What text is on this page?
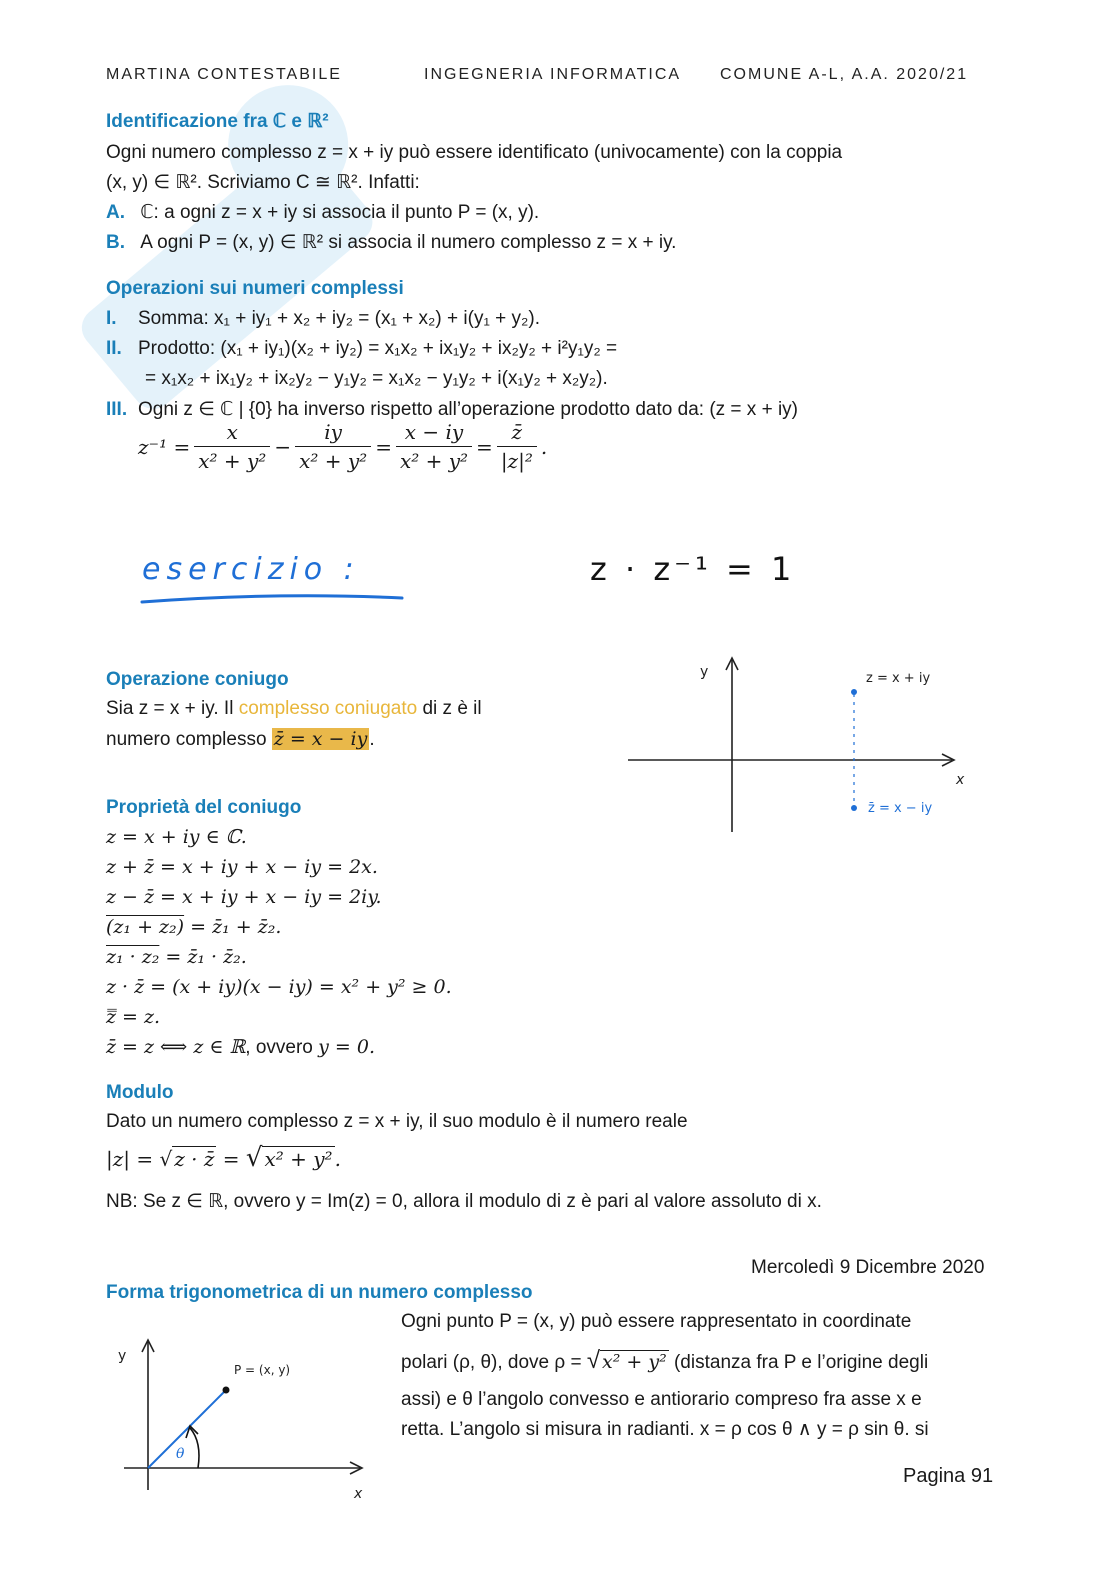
MARTINA CONTESTABILE	INGEGNERIA INFORMATICA COMUNE A-L, A.A. 2020/21
Identificazione fra ℂ e ℝ²
Ogni numero complesso z = x + iy può essere identificato (univocamente) con la coppia
(x, y) ∈ ℝ². Scriviamo C ≅ ℝ². Infatti:
A. ℂ: a ogni z = x + iy si associa il punto P = (x, y).
B. A ogni P = (x, y) ∈ ℝ² si associa il numero complesso z = x + iy.
Operazioni sui numeri complessi
I. Somma: x₁ + iy₁ + x₂ + iy₂ = (x₁ + x₂) + i(y₁ + y₂).
II. Prodotto: (x₁ + iy₁)(x₂ + iy₂) = x₁x₂ + ix₁y₂ + ix₂y₂ + i²y₁y₂ =
= x₁x₂ + ix₁y₂ + ix₂y₂ − y₁y₂ = x₁x₂ − y₁y₂ + i(x₁y₂ + x₂y₂).
III. Ogni z ∈ ℂ | {0} ha inverso rispetto all’operazione prodotto dato da: (z = x + iy)
$z^{-1} = \frac{x}{\text{x² + y²}} - \frac{iy}{\text{x² + y²}} = \frac{x - iy}{\text{x² + y²}} = \frac{z̄}{\text{|z|²}}$ .
esercizio :	z · z⁻¹ = 1
y
x
z = x + iy
z̄ = x − iy
Operazione coniugo
Sia z = x + iy. Il complesso coniugato di z è il
numero complesso z̄ = x − iy .
Proprietà del coniugo
z = x + iy ∈ ℂ.
z + z̄ = x + iy + x − iy = 2x.
z − z̄ = x + iy + x − iy = 2iy.
(z₁ + z₂) = z̄₁ + z̄₂.
z₁ · z₂ = z̄₁ · z̄₂.
z · z̄ = (x + iy)(x − iy) = x² + y² ≥ 0.
z̿ = z.
z̄ = z ⟺ z ∈ ℝ, ovvero y = 0.
Modulo
Dato un numero complesso z = x + iy, il suo modulo è il numero reale
|z| = √ z · z̄ = √ x² + y² .
NB: Se z ∈ ℝ, ovvero y = Im(z) = 0, allora il modulo di z è pari al valore assoluto di x.
Mercoledì 9 Dicembre 2020
Forma trigonometrica di un numero complesso
Ogni punto P = (x, y) può essere rappresentato in coordinate
polari (ρ, θ), dove ρ = √ x² + y² (distanza fra P e l’origine degli
assi) e θ l’angolo convesso e antiorario compreso fra asse x e
retta. L’angolo si misura in radianti. x = ρ cos θ ∧ y = ρ sin θ. si
y
x
P = (x, y)
θ
Pagina 91
